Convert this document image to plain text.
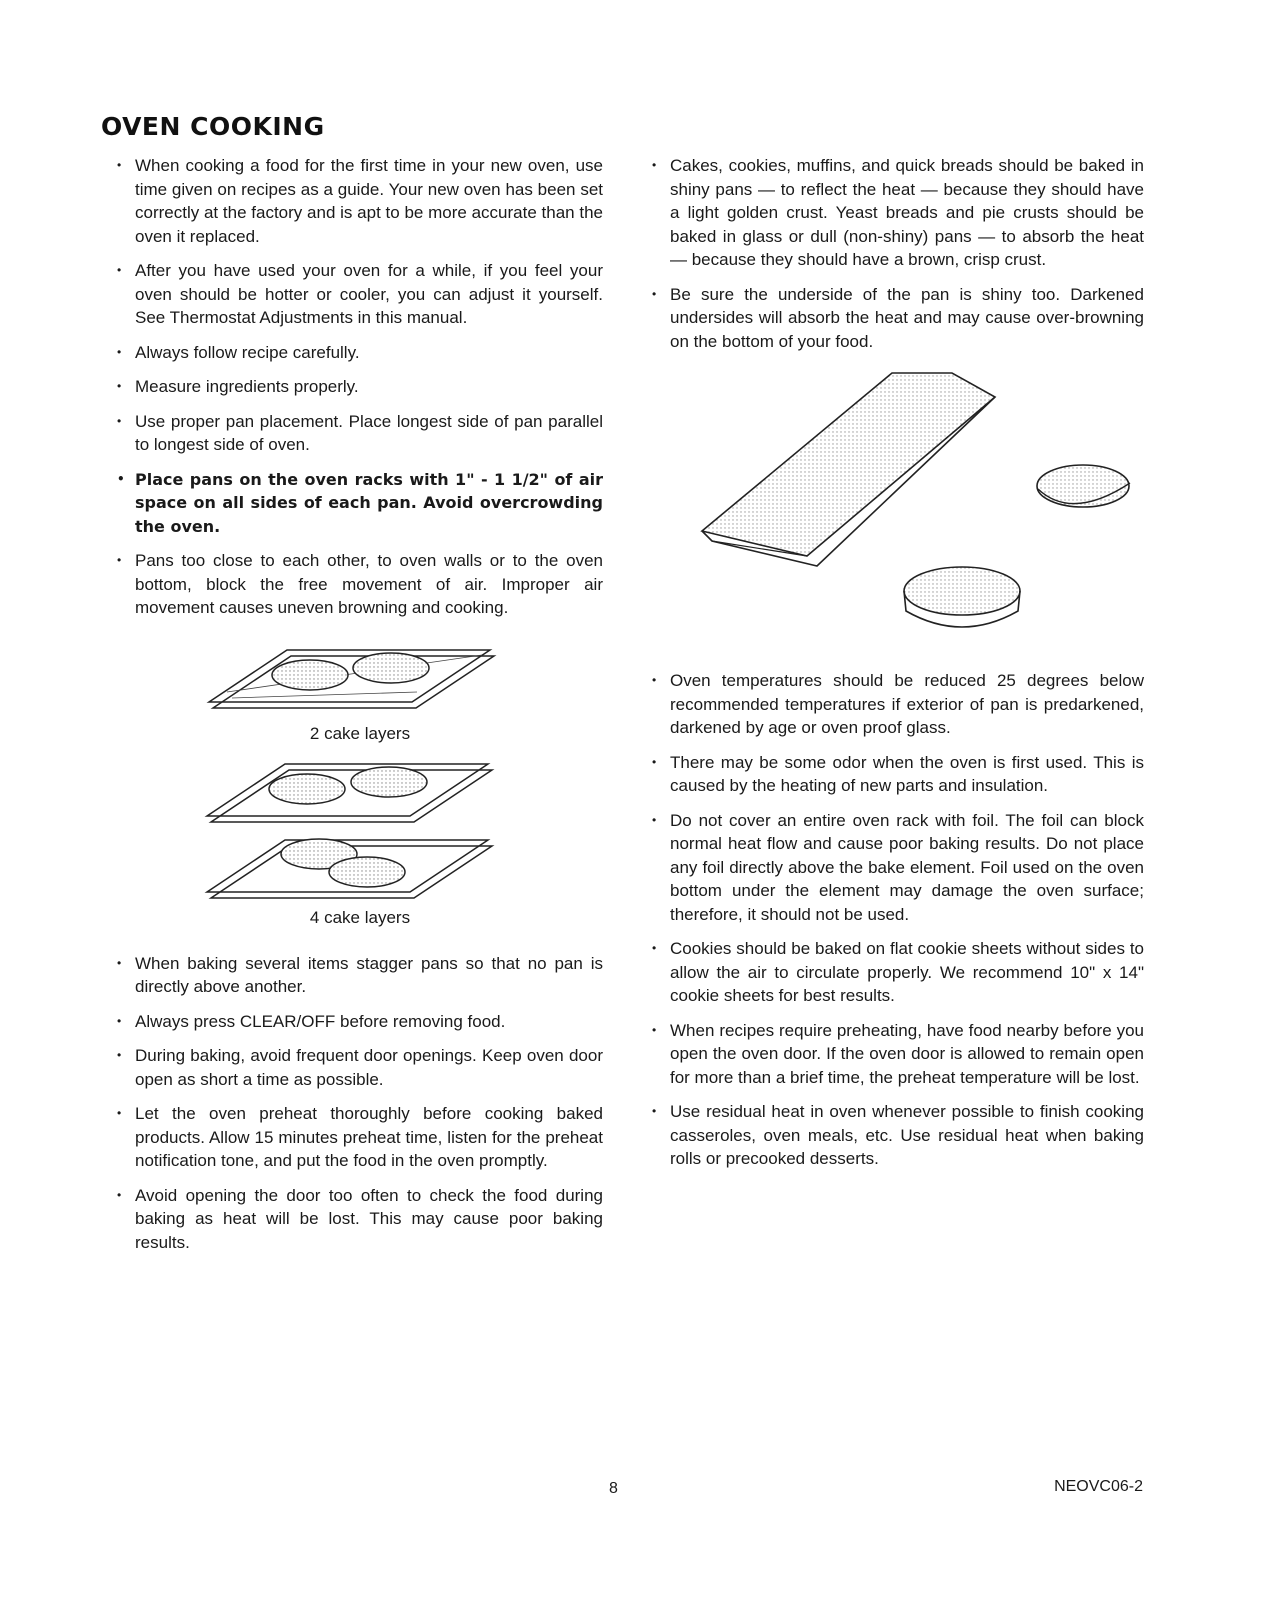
OVEN COOKING
• When cooking a food for the first time in your new oven, use time given on recipes as a guide. Your new oven has been set correctly at the factory and is apt to be more accurate than the oven it replaced.
• After you have used your oven for a while, if you feel your oven should be hotter or cooler, you can adjust it yourself. See Thermostat Adjustments in this manual.
• Always follow recipe carefully.
• Measure ingredients properly.
• Use proper pan placement. Place longest side of pan parallel to longest side of oven.
• Place pans on the oven racks with 1" - 1 1/2" of air space on all sides of each pan. Avoid overcrowding the oven.
• Pans too close to each other, to oven walls or to the oven bottom, block the free movement of air. Improper air movement causes uneven browning and cooking.

2 cake layers

4 cake layers

• When baking several items stagger pans so that no pan is directly above another.
• Always press CLEAR/OFF before removing food.
• During baking, avoid frequent door openings. Keep oven door open as short a time as possible.
• Let the oven preheat thoroughly before cooking baked products. Allow 15 minutes preheat time, listen for the preheat notification tone, and put the food in the oven promptly.
• Avoid opening the door too often to check the food during baking as heat will be lost. This may cause poor baking results.
• Cakes, cookies, muffins, and quick breads should be baked in shiny pans — to reflect the heat — because they should have a light golden crust. Yeast breads and pie crusts should be baked in glass or dull (non-shiny) pans — to absorb the heat — because they should have a brown, crisp crust.
• Be sure the underside of the pan is shiny too. Darkened undersides will absorb the heat and may cause over-browning on the bottom of your food.
• Oven temperatures should be reduced 25 degrees below recommended temperatures if exterior of pan is predarkened, darkened by age or oven proof glass.
• There may be some odor when the oven is first used. This is caused by the heating of new parts and insulation.
• Do not cover an entire oven rack with foil. The foil can block normal heat flow and cause poor baking results. Do not place any foil directly above the bake element. Foil used on the oven bottom under the element may damage the oven surface; therefore, it should not be used.
• Cookies should be baked on flat cookie sheets without sides to allow the air to circulate properly. We recommend 10" x 14" cookie sheets for best results.
• When recipes require preheating, have food nearby before you open the oven door. If the oven door is allowed to remain open for more than a brief time, the preheat temperature will be lost.
• Use residual heat in oven whenever possible to finish cooking casseroles, oven meals, etc. Use residual heat when baking rolls or precooked desserts.
8	NEOVC06-2
